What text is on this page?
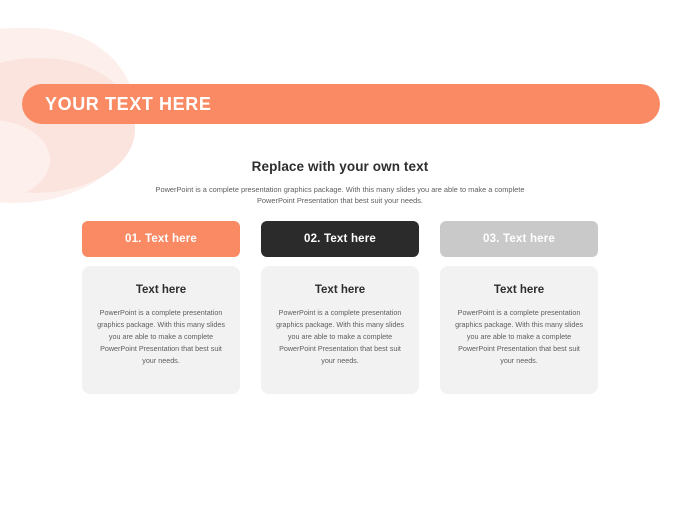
YOUR TEXT HERE
Replace with your own text
PowerPoint is a complete presentation graphics package. With this many slides you are able to make a complete PowerPoint Presentation that best suit your needs.
01. Text here
Text here
PowerPoint is a complete presentation graphics package. With this many slides you are able to make a complete PowerPoint Presentation that best suit your needs.
02. Text here
Text here
PowerPoint is a complete presentation graphics package. With this many slides you are able to make a complete PowerPoint Presentation that best suit your needs.
03. Text here
Text here
PowerPoint is a complete presentation graphics package. With this many slides you are able to make a complete PowerPoint Presentation that best suit your needs.
